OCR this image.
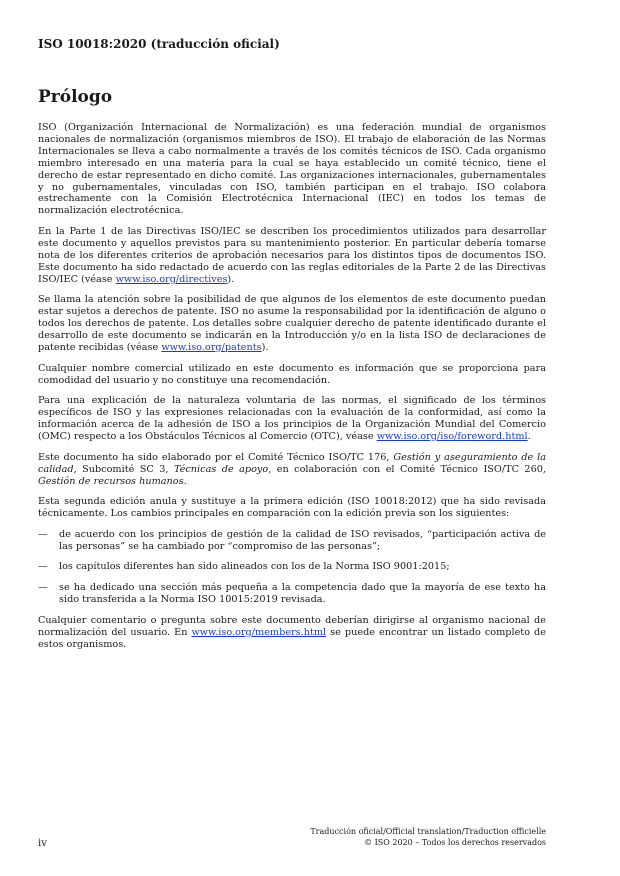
ISO 10018:2020 (traducción oficial)
Prólogo

ISO (Organización Internacional de Normalización) es una federación mundial de organismos nacionales de normalización (organismos miembros de ISO). El trabajo de elaboración de las Normas Internacionales se lleva a cabo normalmente a través de los comités técnicos de ISO. Cada organismo miembro interesado en una materia para la cual se haya establecido un comité técnico, tiene el derecho de estar representado en dicho comité. Las organizaciones internacionales, gubernamentales y no gubernamentales, vinculadas con ISO, también participan en el trabajo. ISO colabora estrechamente con la Comisión Electrotécnica Internacional (IEC) en todos los temas de normalización electrotécnica.

En la Parte 1 de las Directivas ISO/IEC se describen los procedimientos utilizados para desarrollar este documento y aquellos previstos para su mantenimiento posterior. En particular debería tomarse nota de los diferentes criterios de aprobación necesarios para los distintos tipos de documentos ISO. Este documento ha sido redactado de acuerdo con las reglas editoriales de la Parte 2 de las Directivas ISO/IEC (véase www.iso.org/directives).

Se llama la atención sobre la posibilidad de que algunos de los elementos de este documento puedan estar sujetos a derechos de patente. ISO no asume la responsabilidad por la identificación de alguno o todos los derechos de patente. Los detalles sobre cualquier derecho de patente identificado durante el desarrollo de este documento se indicarán en la Introducción y/o en la lista ISO de declaraciones de patente recibidas (véase www.iso.org/patents).

Cualquier nombre comercial utilizado en este documento es información que se proporciona para comodidad del usuario y no constituye una recomendación.

Para una explicación de la naturaleza voluntaria de las normas, el significado de los términos específicos de ISO y las expresiones relacionadas con la evaluación de la conformidad, así como la información acerca de la adhesión de ISO a los principios de la Organización Mundial del Comercio (OMC) respecto a los Obstáculos Técnicos al Comercio (OTC), véase www.iso.org/iso/foreword.html.

Este documento ha sido elaborado por el Comité Técnico ISO/TC 176, Gestión y aseguramiento de la calidad, Subcomité SC 3, Técnicas de apoyo, en colaboración con el Comité Técnico ISO/TC 260, Gestión de recursos humanos.

Esta segunda edición anula y sustituye a la primera edición (ISO 10018:2012) que ha sido revisada técnicamente. Los cambios principales en comparación con la edición previa son los siguientes:

—	de acuerdo con los principios de gestión de la calidad de ISO revisados, “participación activa de las personas” se ha cambiado por “compromiso de las personas”;
—	los capítulos diferentes han sido alineados con los de la Norma ISO 9001:2015;
—	se ha dedicado una sección más pequeña a la competencia dado que la mayoría de ese texto ha sido transferida a la Norma ISO 10015:2019 revisada.

Cualquier comentario o pregunta sobre este documento deberían dirigirse al organismo nacional de normalización del usuario. En www.iso.org/members.html se puede encontrar un listado completo de estos organismos.

iv
Traducción oficial/Official translation/Traduction officielle
© ISO 2020 – Todos los derechos reservados
